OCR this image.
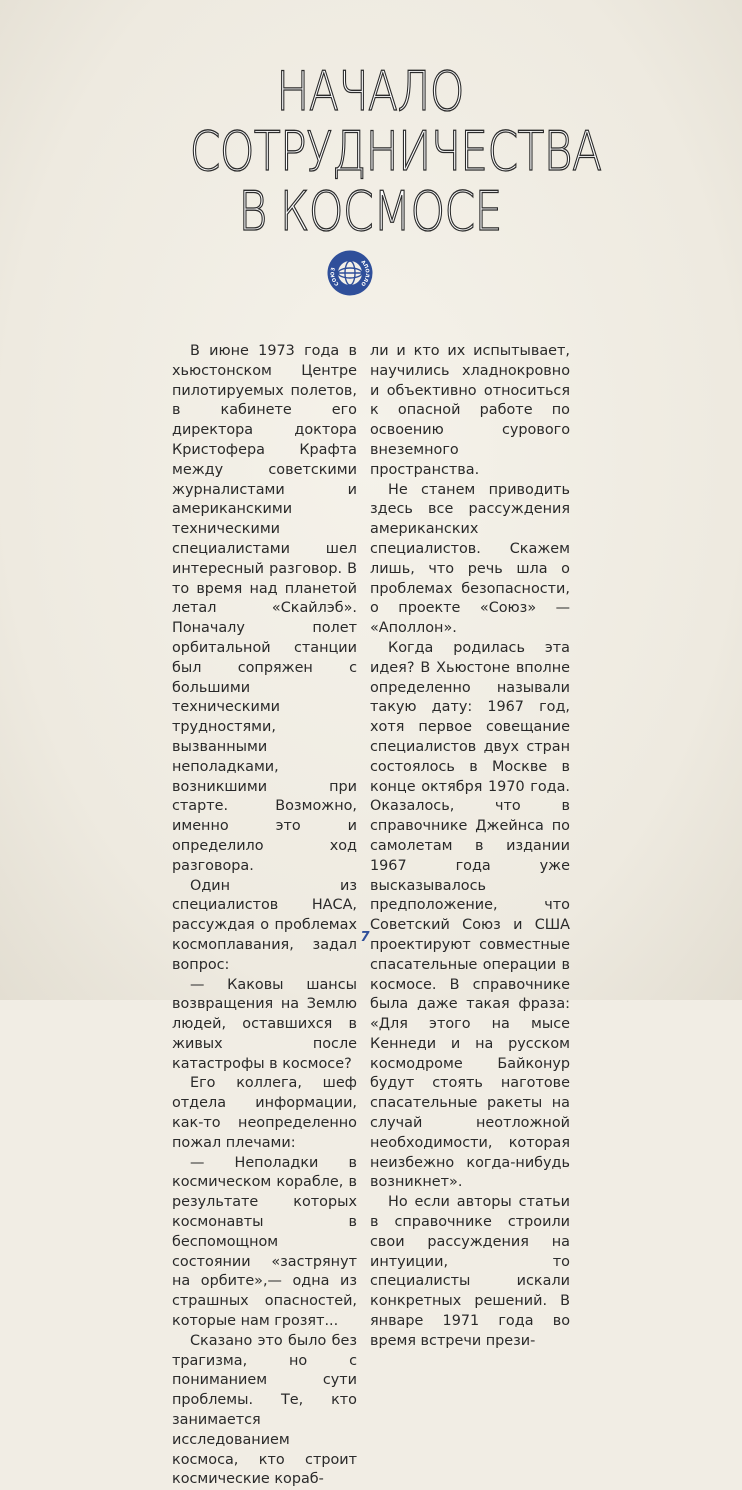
НАЧАЛО
СОТРУДНИЧЕСТВА
В КОСМОСЕ
СОЮЗ
АПОЛЛО

В июне 1973 года в хьюстонском Центре пилотируемых полетов, в кабинете его директора доктора Кристофера Крафта между советскими журналистами и американскими техническими специалистами шел интересный разговор. В то время над планетой летал «Скайлэб». Поначалу полет орбитальной станции был сопряжен с большими техническими трудностями, вызванными неполадками, возникшими при старте. Возможно, именно это и определило ход разговора.

Один из специалистов НАСА, рассуждая о проблемах космоплавания, задал вопрос:

— Каковы шансы возвращения на Землю людей, оставшихся в живых после катастрофы в космосе?

Его коллега, шеф отдела информации, как-то неопределенно пожал плечами:

— Неполадки в космическом корабле, в результате которых космонавты в беспомощном состоянии «застрянут на орбите»,— одна из страшных опасностей, которые нам грозят...

Сказано это было без трагизма, но с пониманием сути проблемы. Те, кто занимается исследованием космоса, кто строит космические кораб-

ли и кто их испытывает, научились хладнокровно и объективно относиться к опасной работе по освоению сурового внеземного пространства.

Не станем приводить здесь все рассуждения американских специалистов. Скажем лишь, что речь шла о проблемах безопасности, о проекте «Союз» — «Аполлон».

Когда родилась эта идея? В Хьюстоне вполне определенно называли такую дату: 1967 год, хотя первое совещание специалистов двух стран состоялось в Москве в конце октября 1970 года. Оказалось, что в справочнике Джейнса по самолетам в издании 1967 года уже высказывалось предположение, что Советский Союз и США проектируют совместные спасательные операции в космосе. В справочнике была даже такая фраза: «Для этого на мысе Кеннеди и на русском космодроме Байконур будут стоять наготове спасательные ракеты на случай неотложной необходимости, которая неизбежно когда-нибудь возникнет».

Но если авторы статьи в справочнике строили свои рассуждения на интуиции, то специалисты искали конкретных решений. В январе 1971 года во время встречи прези-

7
